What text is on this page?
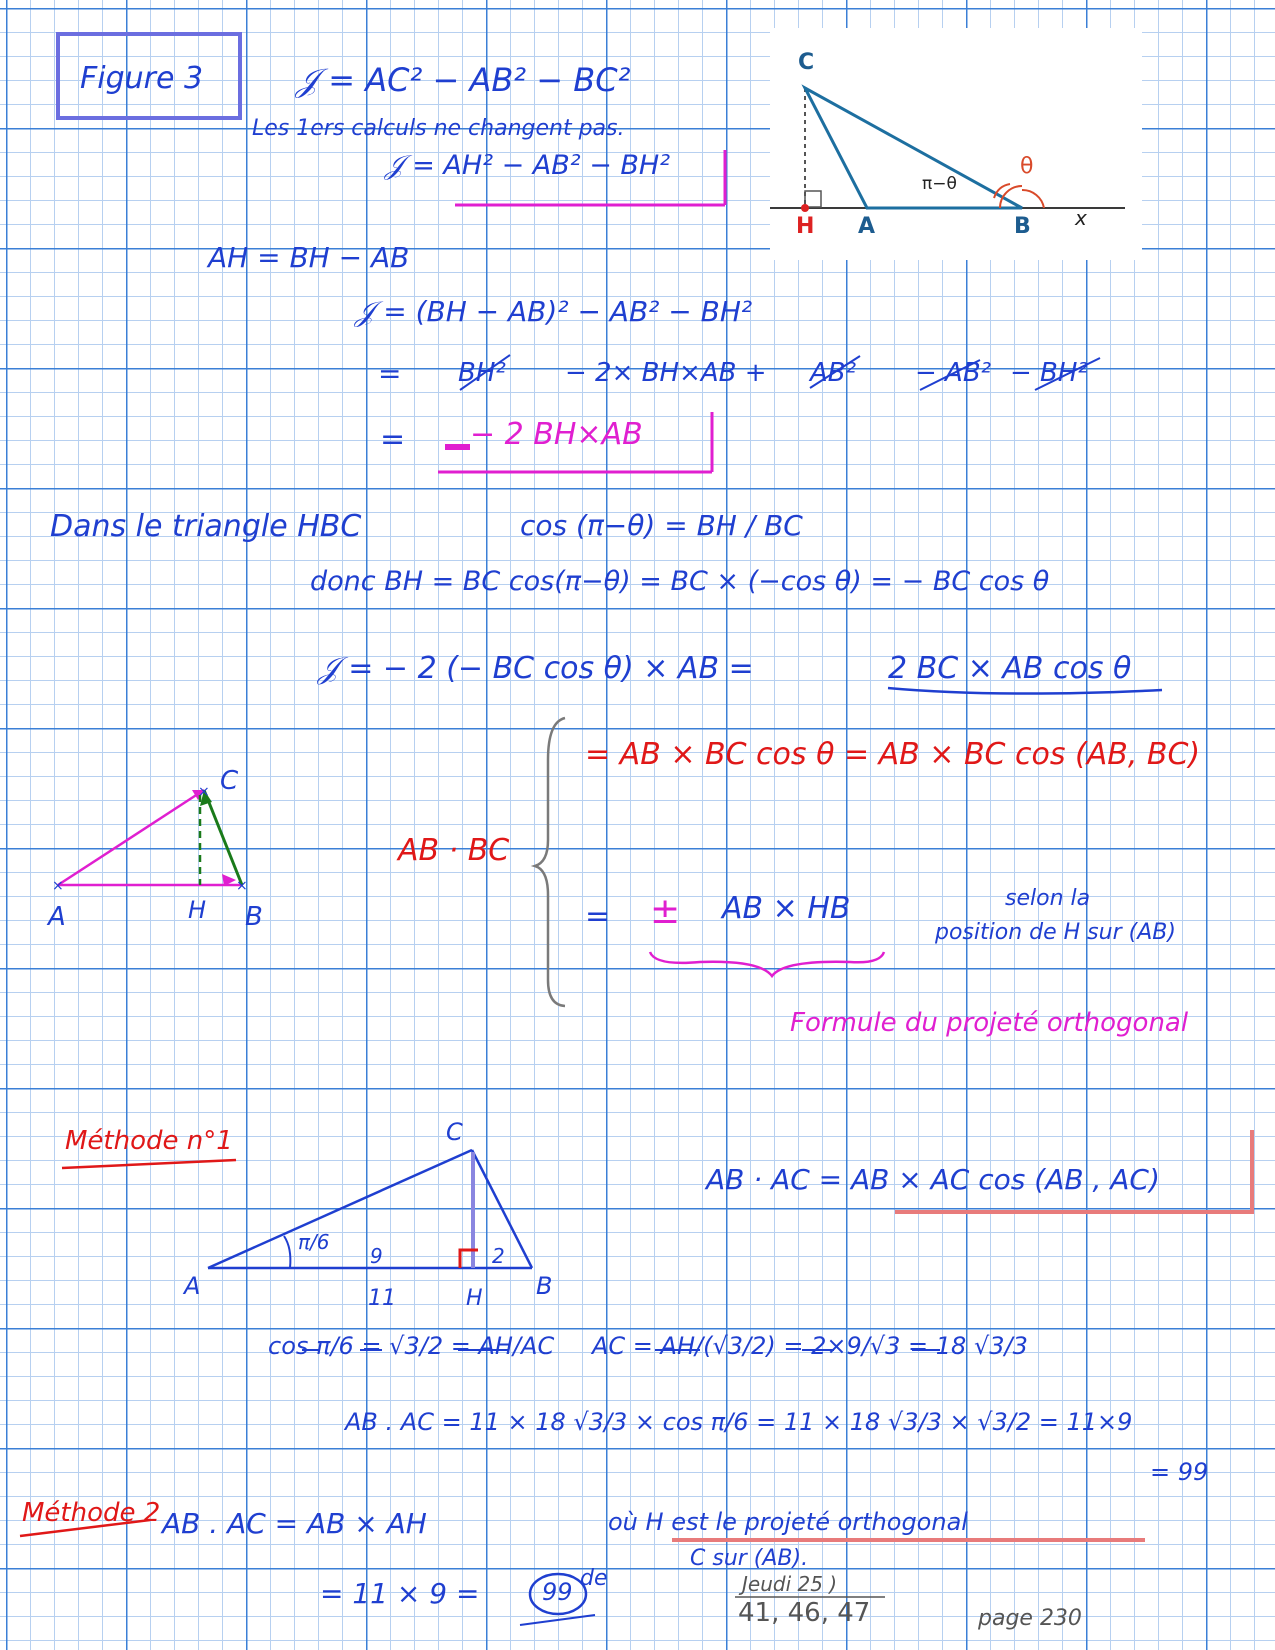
C
H A	B x
θ
π−θ
×	×
×
Figure 3	𝒥 = AC² − AB² − BC²
Les 1ers calculs ne changent pas.
𝒥 = AH² − AB² − BH²
AH = BH − AB
𝒥 = (BH − AB)² − AB² − BH²
= BH² − 2× BH×AB + AB² − AB² − BH²
= − 2 BH×AB
Dans le triangle HBC	cos (π−θ) = BH / BC
donc BH = BC cos(π−θ) = BC × (−cos θ) = − BC cos θ
𝒥 = − 2 (− BC cos θ) × AB =	2 BC × AB cos θ
C
A	H B
AB · BC
= AB × BC cos θ = AB × BC cos (AB, BC)
= ± AB × HB	selon la
position de H sur (AB)
Formule du projeté orthogonal
Méthode n°1
AB · AC = AB × AC cos (AB , AC)
A	B
C
H
π/6
9	2
11
cos π/6 = √3/2 = AH/AC AC = AH/(√3/2) = 2×9/√3 = 18 √3/3
AB . AC = 11 × 18 √3/3 × cos π/6 = 11 × 18 √3/3 × √3/2 = 11×9
= 99
Méthode 2 AB . AC = AB × AH	où H est le projeté orthogonal
de
C sur (AB).
= 11 × 9 =	99	Jeudi 25 )
41, 46, 47	page 230
